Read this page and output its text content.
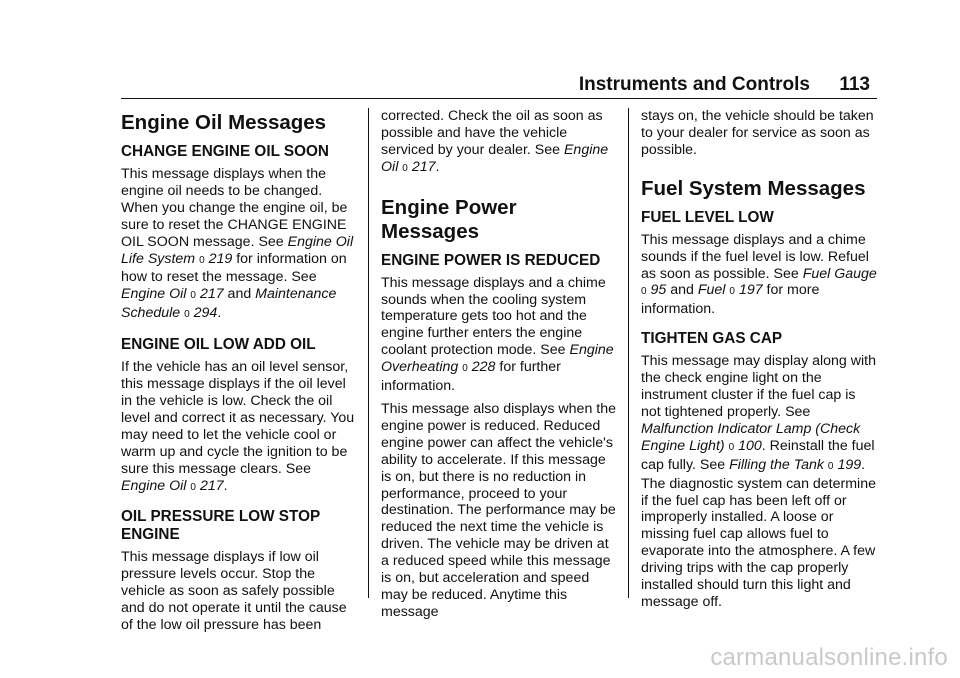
Instruments and Controls 113
Engine Oil Messages
CHANGE ENGINE OIL SOON

This message displays when the engine oil needs to be changed. When you change the engine oil, be sure to reset the CHANGE ENGINE OIL SOON message. See Engine Oil Life System 0 219 for information on how to reset the message. See Engine Oil 0 217 and Maintenance Schedule 0 294.

ENGINE OIL LOW ADD OIL

If the vehicle has an oil level sensor, this message displays if the oil level in the vehicle is low. Check the oil level and correct it as necessary. You may need to let the vehicle cool or warm up and cycle the ignition to be sure this message clears. See Engine Oil 0 217.

OIL PRESSURE LOW STOP ENGINE

This message displays if low oil pressure levels occur. Stop the vehicle as soon as safely possible and do not operate it until the cause of the low oil pressure has been

corrected. Check the oil as soon as possible and have the vehicle serviced by your dealer. See Engine Oil 0 217.

Engine Power Messages
ENGINE POWER IS REDUCED

This message displays and a chime sounds when the cooling system temperature gets too hot and the engine further enters the engine coolant protection mode. See Engine Overheating 0 228 for further information.

This message also displays when the engine power is reduced. Reduced engine power can affect the vehicle's ability to accelerate. If this message is on, but there is no reduction in performance, proceed to your destination. The performance may be reduced the next time the vehicle is driven. The vehicle may be driven at a reduced speed while this message is on, but acceleration and speed may be reduced. Anytime this message

stays on, the vehicle should be taken to your dealer for service as soon as possible.

Fuel System Messages
FUEL LEVEL LOW

This message displays and a chime sounds if the fuel level is low. Refuel as soon as possible. See Fuel Gauge 0 95 and Fuel 0 197 for more information.

TIGHTEN GAS CAP

This message may display along with the check engine light on the instrument cluster if the fuel cap is not tightened properly. See Malfunction Indicator Lamp (Check Engine Light) 0 100. Reinstall the fuel cap fully. See Filling the Tank 0 199. The diagnostic system can determine if the fuel cap has been left off or improperly installed. A loose or missing fuel cap allows fuel to evaporate into the atmosphere. A few driving trips with the cap properly installed should turn this light and message off.

carmanualsonline.info
